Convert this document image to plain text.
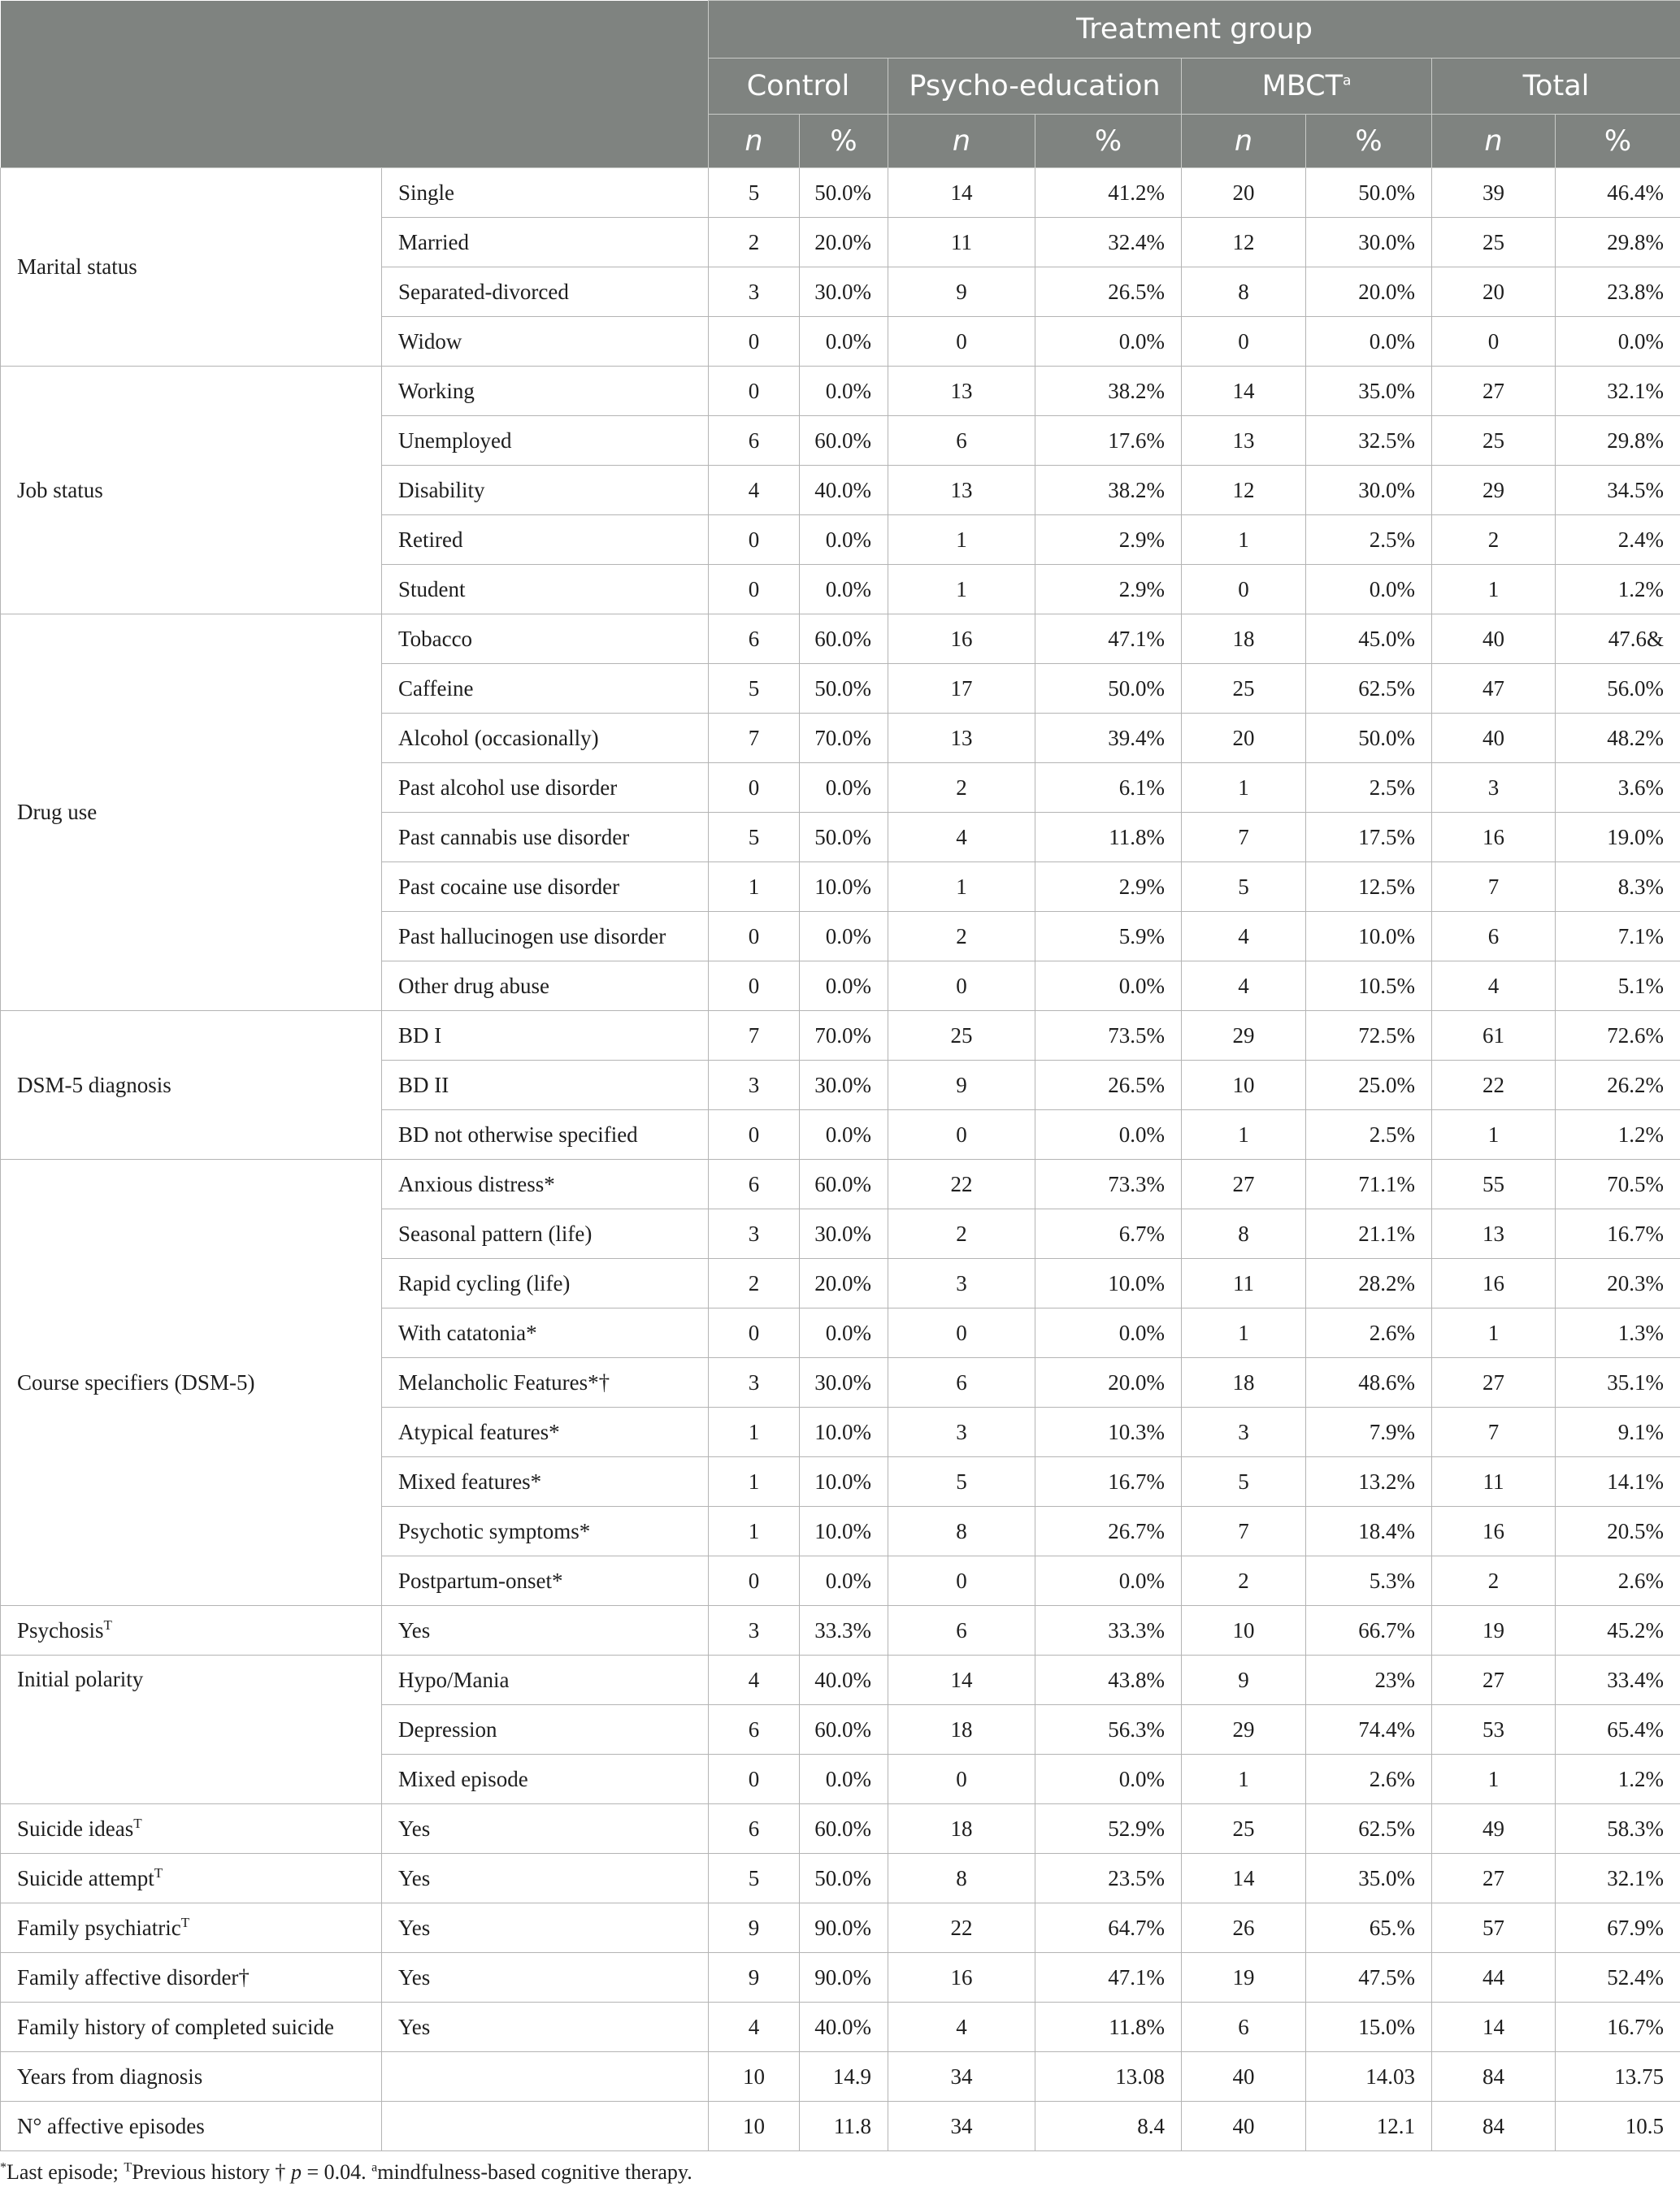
		Treatment group							
		Control		Psycho-education		MBCT$^a$		Total	
		n	%	n	%	n	%	n	%
Marital status	Single	5	50.0%	14	41.2%	20	50.0%	39	46.4%
	Married	2	20.0%	11	32.4%	12	30.0%	25	29.8%
	Separated-divorced	3	30.0%	9	26.5%	8	20.0%	20	23.8%
	Widow	0	0.0%	0	0.0%	0	0.0%	0	0.0%
Job status	Working	0	0.0%	13	38.2%	14	35.0%	27	32.1%
	Unemployed	6	60.0%	6	17.6%	13	32.5%	25	29.8%
	Disability	4	40.0%	13	38.2%	12	30.0%	29	34.5%
	Retired	0	0.0%	1	2.9%	1	2.5%	2	2.4%
	Student	0	0.0%	1	2.9%	0	0.0%	1	1.2%
Drug use	Tobacco	6	60.0%	16	47.1%	18	45.0%	40	47.6&
	Caffeine	5	50.0%	17	50.0%	25	62.5%	47	56.0%
	Alcohol (occasionally)	7	70.0%	13	39.4%	20	50.0%	40	48.2%
	Past alcohol use disorder	0	0.0%	2	6.1%	1	2.5%	3	3.6%
	Past cannabis use disorder	5	50.0%	4	11.8%	7	17.5%	16	19.0%
	Past cocaine use disorder	1	10.0%	1	2.9%	5	12.5%	7	8.3%
	Past hallucinogen use disorder	0	0.0%	2	5.9%	4	10.0%	6	7.1%
	Other drug abuse	0	0.0%	0	0.0%	4	10.5%	4	5.1%
DSM-5 diagnosis	BD I	7	70.0%	25	73.5%	29	72.5%	61	72.6%
	BD II	3	30.0%	9	26.5%	10	25.0%	22	26.2%
	BD not otherwise specified	0	0.0%	0	0.0%	1	2.5%	1	1.2%
Course specifiers (DSM-5)	Anxious distress*	6	60.0%	22	73.3%	27	71.1%	55	70.5%
	Seasonal pattern (life)	3	30.0%	2	6.7%	8	21.1%	13	16.7%
	Rapid cycling (life)	2	20.0%	3	10.0%	11	28.2%	16	20.3%
	With catatonia*	0	0.0%	0	0.0%	1	2.6%	1	1.3%
	Melancholic Features*†	3	30.0%	6	20.0%	18	48.6%	27	35.1%
	Atypical features*	1	10.0%	3	10.3%	3	7.9%	7	9.1%
	Mixed features*	1	10.0%	5	16.7%	5	13.2%	11	14.1%
	Psychotic symptoms*	1	10.0%	8	26.7%	7	18.4%	16	20.5%
	Postpartum-onset*	0	0.0%	0	0.0%	2	5.3%	2	2.6%
Psychosis$^T$	Yes	3	33.3%	6	33.3%	10	66.7%	19	45.2%
Initial polarity	Hypo/Mania	4	40.0%	14	43.8%	9	23%	27	33.4%
	Depression	6	60.0%	18	56.3%	29	74.4%	53	65.4%
	Mixed episode	0	0.0%	0	0.0%	1	2.6%	1	1.2%
Suicide ideas$^T$	Yes	6	60.0%	18	52.9%	25	62.5%	49	58.3%
Suicide attempt$^T$	Yes	5	50.0%	8	23.5%	14	35.0%	27	32.1%
Family psychiatric$^T$	Yes	9	90.0%	22	64.7%	26	65.%	57	67.9%
Family affective disorder†	Yes	9	90.0%	16	47.1%	19	47.5%	44	52.4%
Family history of completed suicide	Yes	4	40.0%	4	11.8%	6	15.0%	14	16.7%
Years from diagnosis		10	14.9	34	13.08	40	14.03	84	13.75
N° affective episodes		10	11.8	34	8.4	40	12.1	84	10.5
*Last episode; $^T$Previous history † p = 0.04. $^a$mindfulness-based cognitive therapy.
